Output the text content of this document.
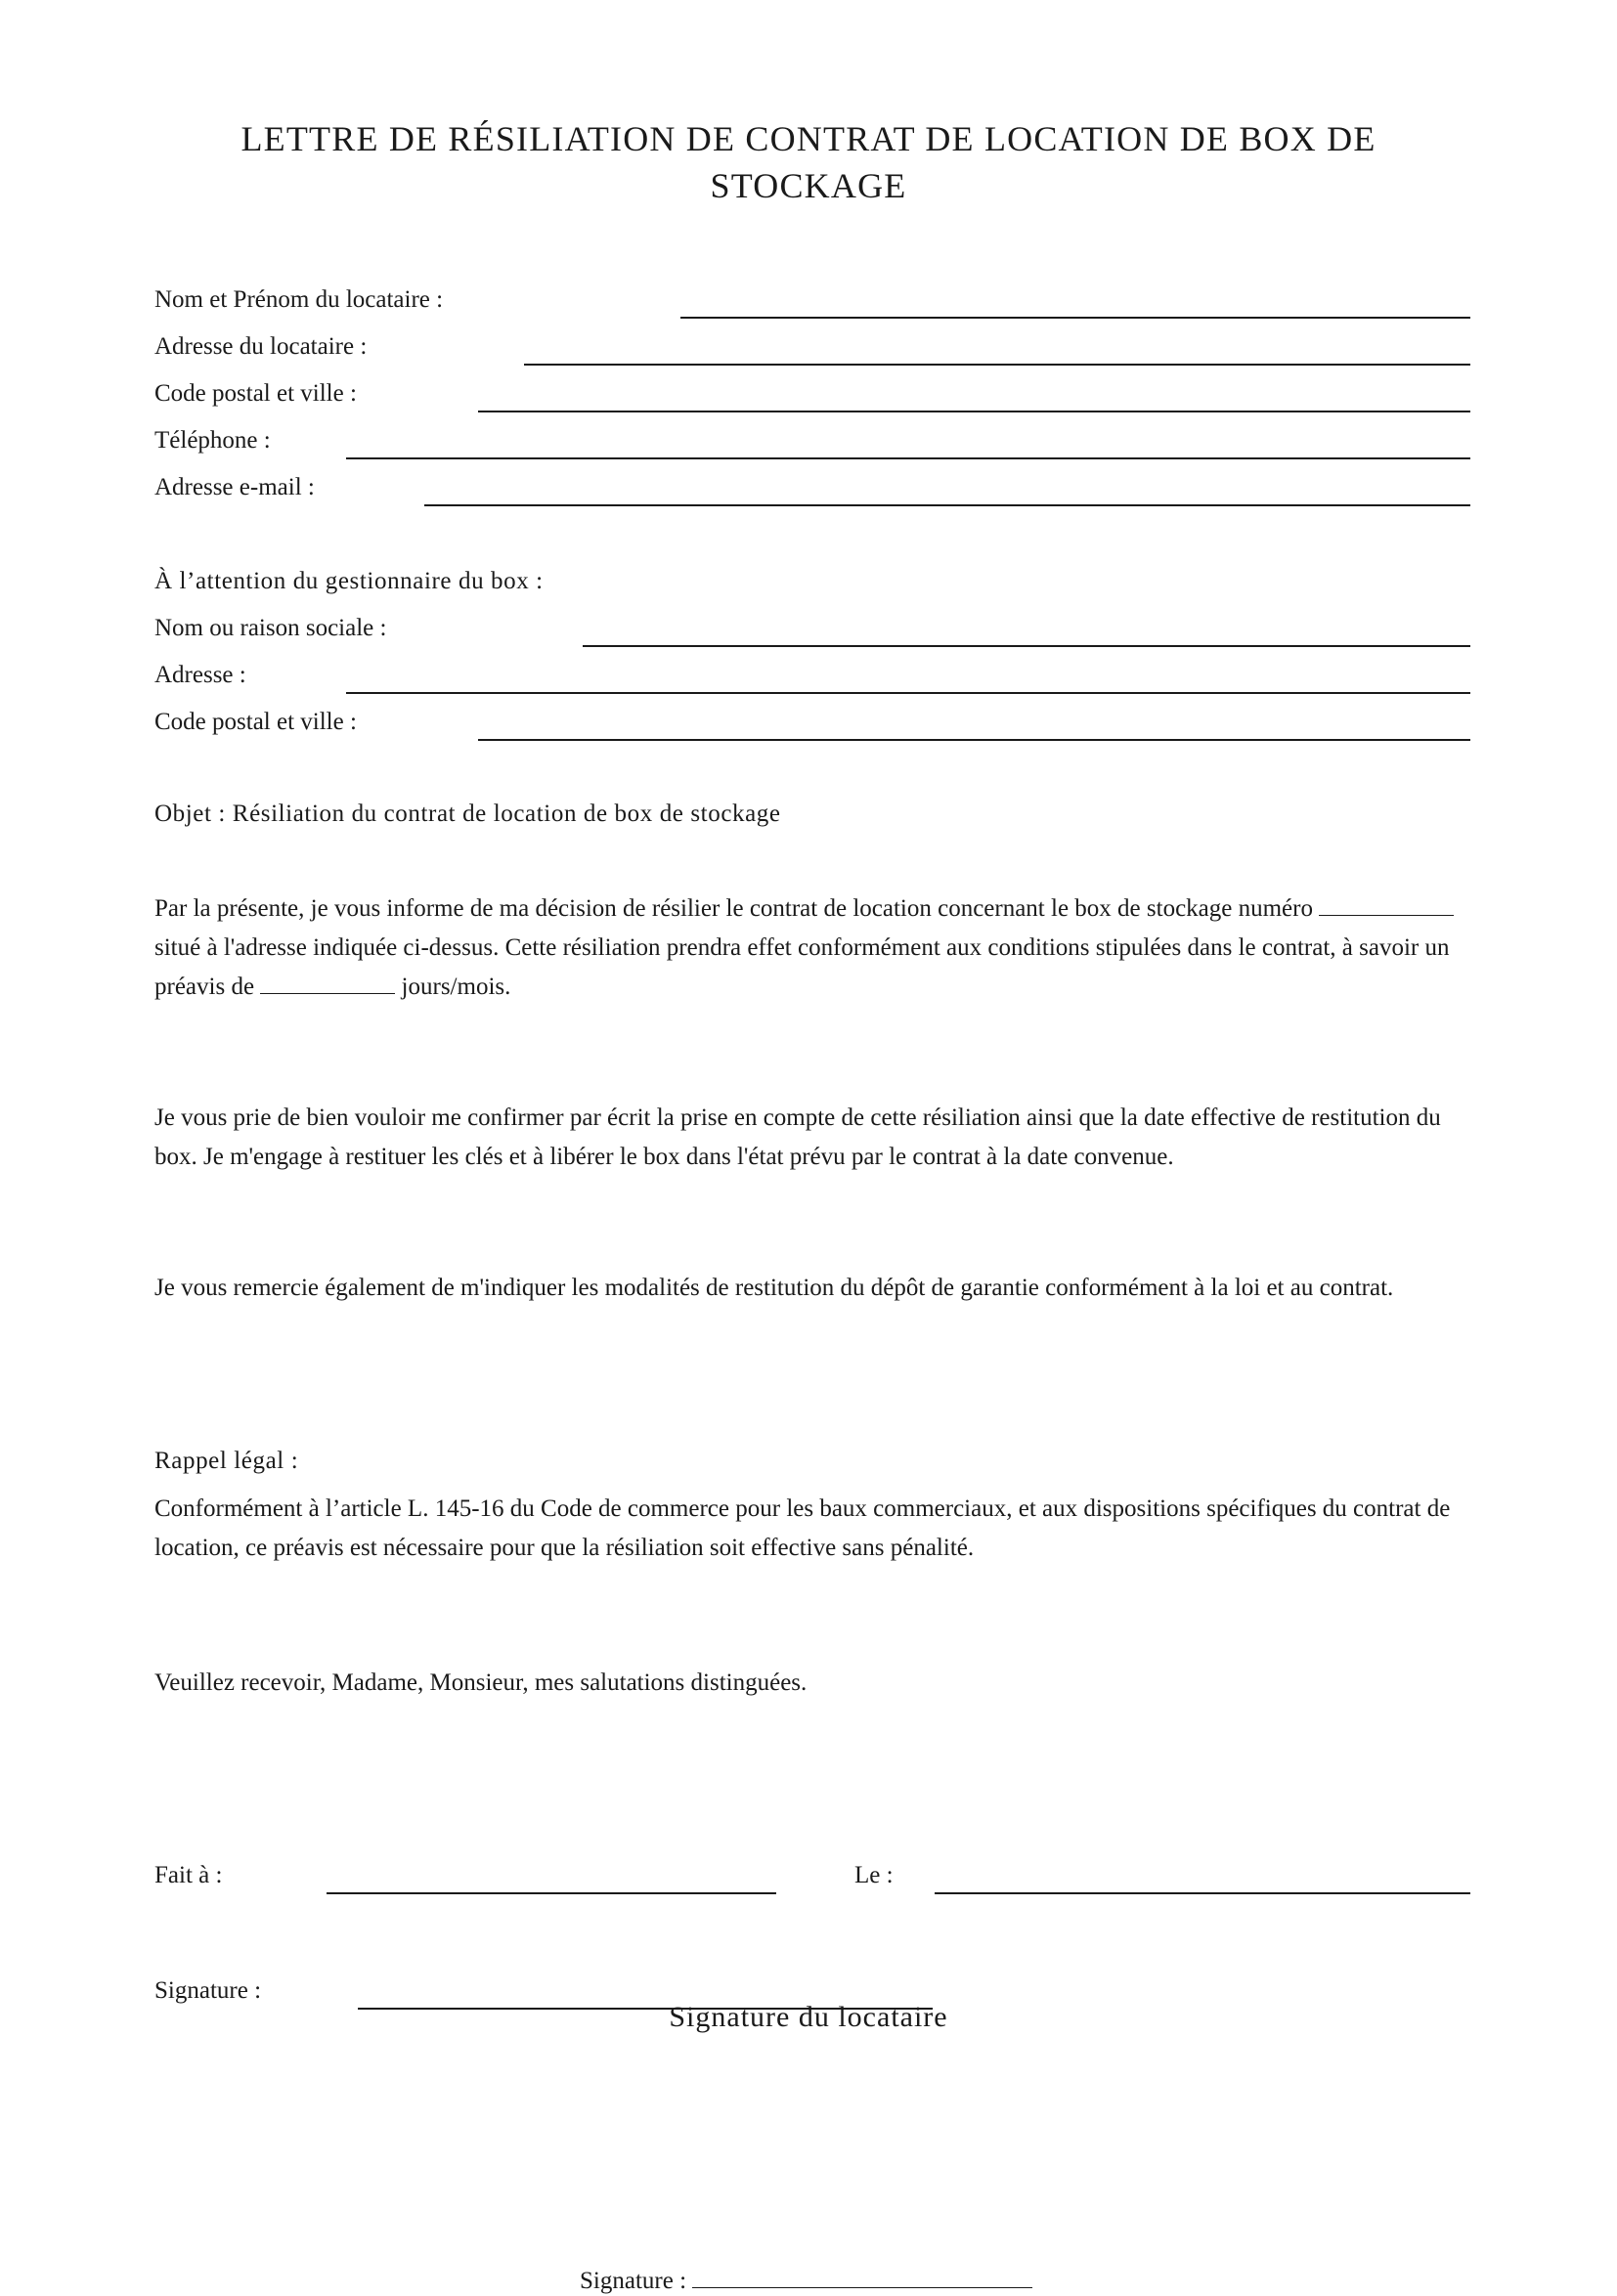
LETTRE DE RÉSILIATION DE CONTRAT DE LOCATION DE BOX DE STOCKAGE
Nom et Prénom du locataire :
Adresse du locataire :
Code postal et ville :
Téléphone :
Adresse e-mail :
À l’attention du gestionnaire du box :
Nom ou raison sociale :
Adresse :
Code postal et ville :
Objet : Résiliation du contrat de location de box de stockage

Par la présente, je vous informe de ma décision de résilier le contrat de location concernant le box de stockage numéro  situé à l'adresse indiquée ci-dessus. Cette résiliation prendra effet conformément aux conditions stipulées dans le contrat, à savoir un préavis de	jours/mois.

Je vous prie de bien vouloir me confirmer par écrit la prise en compte de cette résiliation ainsi que la date effective de restitution du box. Je m'engage à restituer les clés et à libérer le box dans l'état prévu par le contrat à la date convenue.

Je vous remercie également de m'indiquer les modalités de restitution du dépôt de garantie conformément à la loi et au contrat.

Rappel légal :

Conformément à l’article L. 145-16 du Code de commerce pour les baux commerciaux, et aux dispositions spécifiques du contrat de location, ce préavis est nécessaire pour que la résiliation soit effective sans pénalité.

Veuillez recevoir, Madame, Monsieur, mes salutations distinguées.

Fait à :	Le :
Signature :
Signature du locataire
Signature :
